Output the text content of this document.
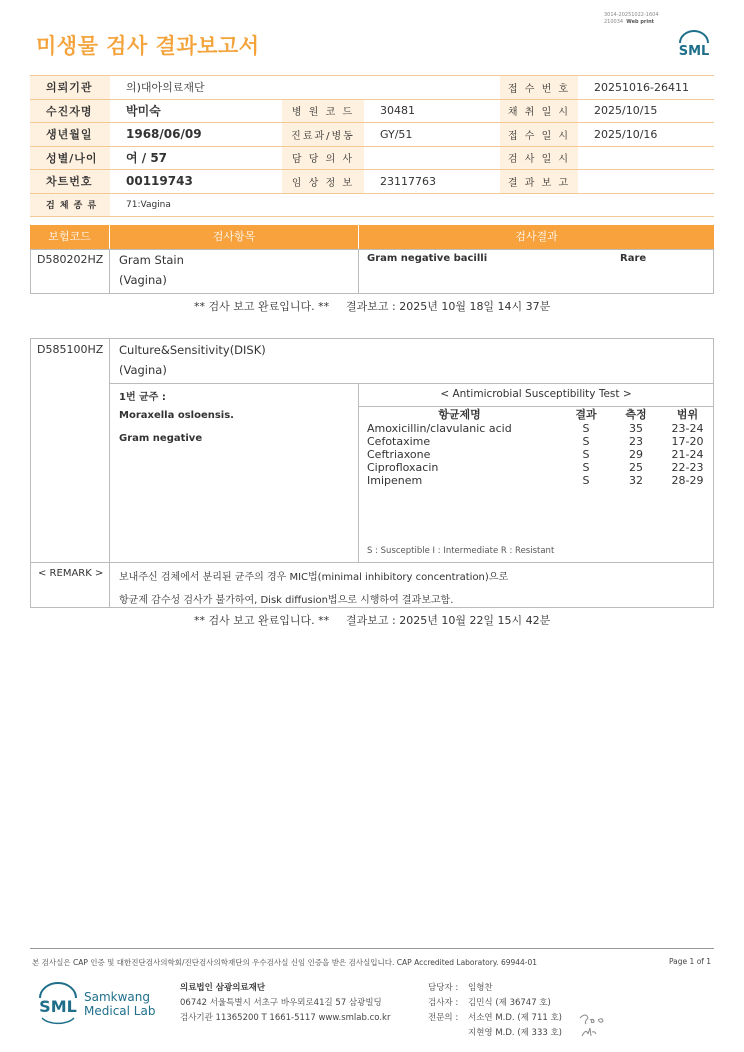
미생물 검사 결과보고서
3014-20251022-1604
210034 Web print
SML
의뢰기관	의)대아의료재단			접 수 번 호	20251016-26411
수진자명	박미숙	병 원 코 드	30481	채 취 일 시	2025/10/15
생년월일	1968/06/09	진료과/병동	GY/51	접 수 일 시	2025/10/16
성별/나이	여 / 57	담 당 의 사		검 사 일 시	
차트번호	00119743	임 상 정 보	23117763	결 과 보 고	
검 체 종 류	71:Vagina				
보험코드	검사항목	검사결과
D580202HZ Gram Stain
(Vagina)
Gram negative bacilli	Rare
** 검사 보고 완료입니다. ** 결과보고 : 2025년 10월 18일 14시 37분
D585100HZ Culture&Sensitivity(DISK)
(Vagina)
1번 균주 :
Moraxella osloensis.
Gram negative
< Antimicrobial Susceptibility Test >
항균제명	결과	측정	범위
Amoxicillin/clavulanic acid	S	35	23-24
Cefotaxime	S	23	17-20
Ceftriaxone	S	29	21-24
Ciprofloxacin	S	25	22-23
Imipenem	S	32	28-29
S : Susceptible I : Intermediate R : Resistant
< REMARK > 보내주신 검체에서 분리된 균주의 경우 MIC법(minimal inhibitory concentration)으로
항균제 감수성 검사가 불가하여, Disk diffusion법으로 시행하여 결과보고함.
** 검사 보고 완료입니다. ** 결과보고 : 2025년 10월 22일 15시 42분
본 검사실은 CAP 인증 및 대한진단검사의학회/진단검사의학재단의 우수검사실 신임 인증을 받은 검사실입니다. CAP Accredited Laboratory. 69944-01	Page 1 of 1
SML Samkwang
Medical Lab
의료법인 삼광의료재단
06742 서울특별시 서초구 바우뫼로41길 57 삼광빌딩
검사기관 11365200 T 1661-5117 www.smlab.co.kr
담당자 : 임형찬
검사자 : 김민식 (제 36747 호)
전문의 : 서소연 M.D. (제 711 호)
지현영 M.D. (제 333 호)
